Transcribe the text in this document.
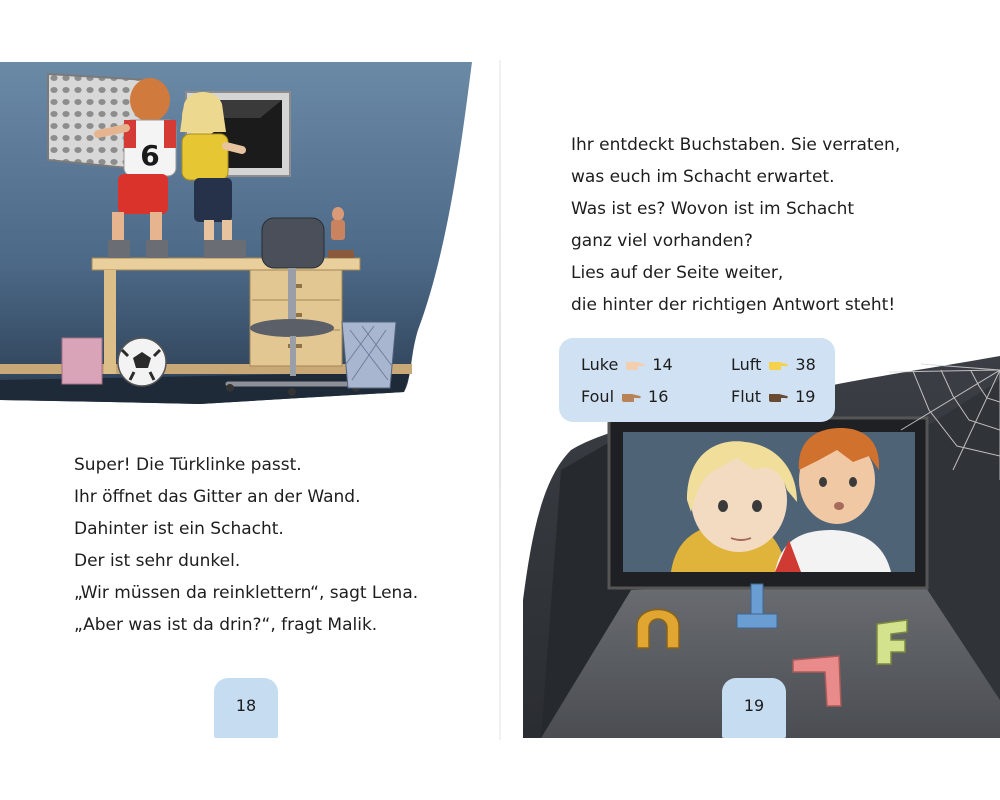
6
Super! Die Türklinke passt.
Ihr öffnet das Gitter an der Wand.
Dahinter ist ein Schacht.
Der ist sehr dunkel.
„Wir müssen da reinklettern“, sagt Lena.
„Aber was ist da drin?“, fragt Malik.
18
Ihr entdeckt Buchstaben. Sie verraten,
was euch im Schacht erwartet.
Was ist es? Wovon ist im Schacht
ganz viel vorhanden?
Lies auf der Seite weiter,
die hinter der richtigen Antwort steht!
Luke 14	Luft 38
Foul 16	Flut 19
19
